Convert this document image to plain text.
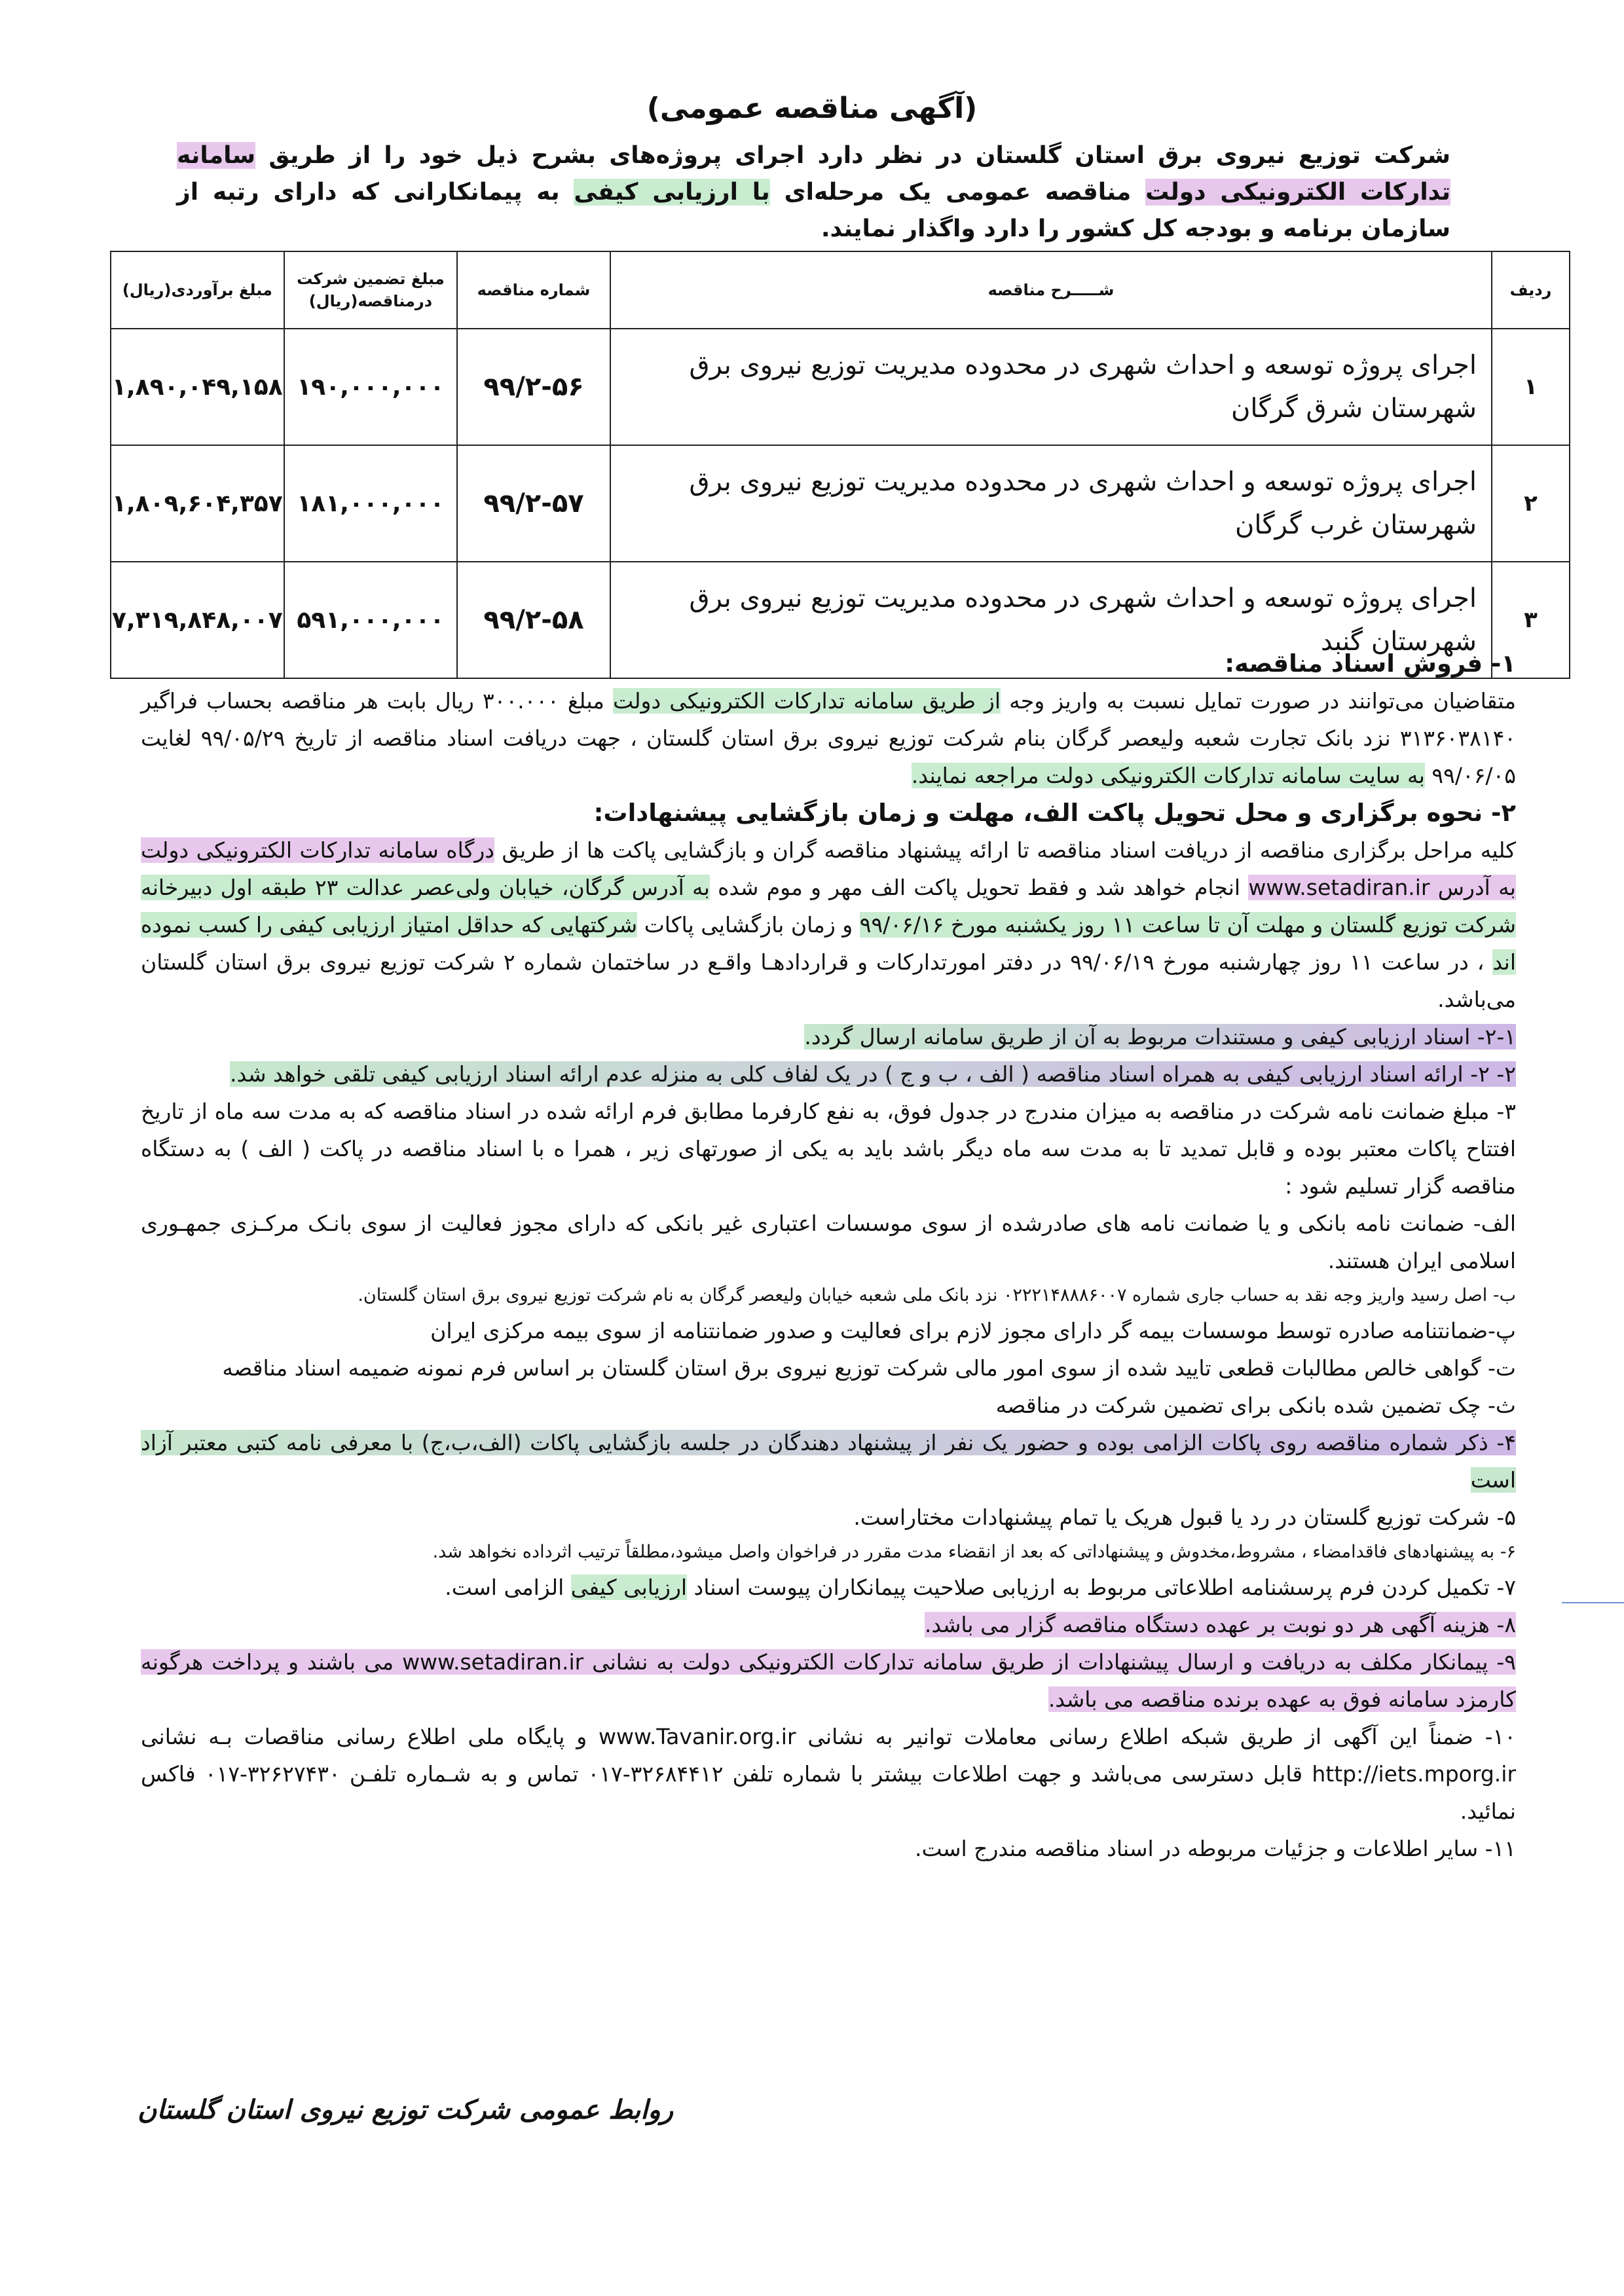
(آگهی مناقصه عمومی)
شرکت توزیع نیروی برق استان گلستان در نظر دارد اجرای پروژه‌های بشرح ذیل خود را از طریق سامانه تدارکات الکترونیکی دولت مناقصه عمومی یک مرحله‌ای با ارزیابی کیفی به پیمانکارانی که دارای رتبه از سازمان برنامه و بودجه کل کشور را دارد واگذار نمایند.
ردیف	شـــــرح مناقصه	شماره مناقصه	مبلغ تضمین شرکت درمناقصه(ریال)	مبلغ برآوردی(ریال)
۱	اجرای پروژه توسعه و احداث شهری در محدوده مدیریت توزیع نیروی برق شهرستان شرق گرگان	۹۹/۲-۵۶	۱۹۰,۰۰۰,۰۰۰	۱,۸۹۰,۰۴۹,۱۵۸
۲	اجرای پروژه توسعه و احداث شهری در محدوده مدیریت توزیع نیروی برق شهرستان غرب گرگان	۹۹/۲-۵۷	۱۸۱,۰۰۰,۰۰۰	۱,۸۰۹,۶۰۴,۳۵۷
۳	اجرای پروژه توسعه و احداث شهری در محدوده مدیریت توزیع نیروی برق شهرستان گنبد	۹۹/۲-۵۸	۵۹۱,۰۰۰,۰۰۰	۷,۳۱۹,۸۴۸,۰۰۷

۱- فروش اسناد مناقصه:

متقاضیان می‌توانند در صورت تمایل نسبت به واریز وجه از طریق سامانه تدارکات الکترونیکی دولت مبلغ ۳۰۰.۰۰۰ ریال بابت هر مناقصه بحساب فراگیر ۳۱۳۶۰۳۸۱۴۰ نزد بانک تجارت شعبه ولیعصر گرگان بنام شرکت توزیع نیروی برق استان گلستان ، جهت دریافت اسناد مناقصه از تاریخ ۹۹/۰۵/۲۹ لغایت ۹۹/۰۶/۰۵ به سایت سامانه تدارکات الکترونیکی دولت مراجعه نمایند.

۲- نحوه برگزاری و محل تحویل پاکت الف، مهلت و زمان بازگشایی پیشنهادات:

کلیه مراحل برگزاری مناقصه از دریافت اسناد مناقصه تا ارائه پیشنهاد مناقصه گران و بازگشایی پاکت ها از طریق درگاه سامانه تدارکات الکترونیکی دولت به آدرس www.setadiran.ir انجام خواهد شد و فقط تحویل پاکت الف مهر و موم شده به آدرس گرگان، خیابان ولی‌عصر عدالت ۲۳ طبقه اول دبیرخانه شرکت توزیع گلستان و مهلت آن تا ساعت ۱۱ روز یکشنبه مورخ ۹۹/۰۶/۱۶ و زمان بازگشایی پاکات شرکتهایی که حداقل امتیاز ارزیابی کیفی را کسب نموده اند ، در ساعت ۱۱ روز چهارشنبه مورخ ۹۹/۰۶/۱۹ در دفتر امورتدارکات و قراردادهـا واقـع در ساختمان شماره ۲ شرکت توزیع نیروی برق استان گلستان می‌باشد.

۲-۱- اسناد ارزیابی کیفی و مستندات مربوط به آن از طریق سامانه ارسال گردد.

۲- ۲- ارائه اسناد ارزیابی کیفی به همراه اسناد مناقصه ( الف ، ب و ج ) در یک لفاف کلی به منزله عدم ارائه اسناد ارزیابی کیفی تلقی خواهد شد.

۳- مبلغ ضمانت نامه شرکت در مناقصه به میزان مندرج در جدول فوق، به نفع کارفرما مطابق فرم ارائه شده در اسناد مناقصه که به مدت سه ماه از تاریخ افتتاح پاکات معتبر بوده و قابل تمدید تا به مدت سه ماه دیگر باشد باید به یکی از صورتهای زیر ، همرا ه با اسناد مناقصه در پاکت ( الف ) به دستگاه مناقصه گزار تسلیم شود :

الف- ضمانت نامه بانکی و یا ضمانت نامه های صادرشده از سوی موسسات اعتباری غیر بانکی که دارای مجوز فعالیت از سوی بانـک مرکـزی جمهـوری اسلامی ایران هستند.

ب- اصل رسید واریز وجه نقد به حساب جاری شماره ۰۲۲۲۱۴۸۸۸۶۰۰۷ نزد بانک ملی شعبه خیابان ولیعصر گرگان به نام شرکت توزیع نیروی برق استان گلستان.

پ-ضمانتنامه صادره توسط موسسات بیمه گر دارای مجوز لازم برای فعالیت و صدور ضمانتنامه از سوی بیمه مرکزی ایران

ت- گواهی خالص مطالبات قطعی تایید شده از سوی امور مالی شرکت توزیع نیروی برق استان گلستان بر اساس فرم نمونه ضمیمه اسناد مناقصه

ث- چک تضمین شده بانکی برای تضمین شرکت در مناقصه

۴- ذکر شماره مناقصه روی پاکات الزامی بوده و حضور یک نفر از پیشنهاد دهندگان در جلسه بازگشایی پاکات (الف،ب،ج) با معرفی نامه کتبی معتبر آزاد است

۵- شرکت توزیع گلستان در رد یا قبول هریک یا تمام پیشنهادات مختاراست.

۶- به پیشنهادهای فاقدامضاء ، مشروط،مخدوش و پیشنهاداتی که بعد از انقضاء مدت مقرر در فراخوان واصل میشود،مطلقاً ترتیب اثرداده نخواهد شد.

۷- تکمیل کردن فرم پرسشنامه اطلاعاتی مربوط به ارزیابی صلاحیت پیمانکاران پیوست اسناد ارزیابی کیفی الزامی است.

۸- هزینه آگهی هر دو نوبت بر عهده دستگاه مناقصه گزار می باشد.

۹- پیمانکار مکلف به دریافت و ارسال پیشنهادات از طریق سامانه تدارکات الکترونیکی دولت به نشانی www.setadiran.ir می باشند و پرداخت هرگونه کارمزد سامانه فوق به عهده برنده مناقصه می باشد.

۱۰- ضمناً این آگهی از طریق شبکه اطلاع رسانی معاملات توانیر به نشانی www.Tavanir.org.ir و پایگاه ملی اطلاع رسانی مناقصات بـه نشانی http://iets.mporg.ir قابل دسترسی می‌باشد و جهت اطلاعات بیشتر با شماره تلفن ۳۲۶۸۴۴۱۲-۰۱۷ تماس و به شـماره تلفـن ۳۲۶۲۷۴۳۰-۰۱۷ فاکس نمائید.

۱۱- سایر اطلاعات و جزئیات مربوطه در اسناد مناقصه مندرج است.

روابط عمومی شرکت توزیع نیروی استان گلستان
